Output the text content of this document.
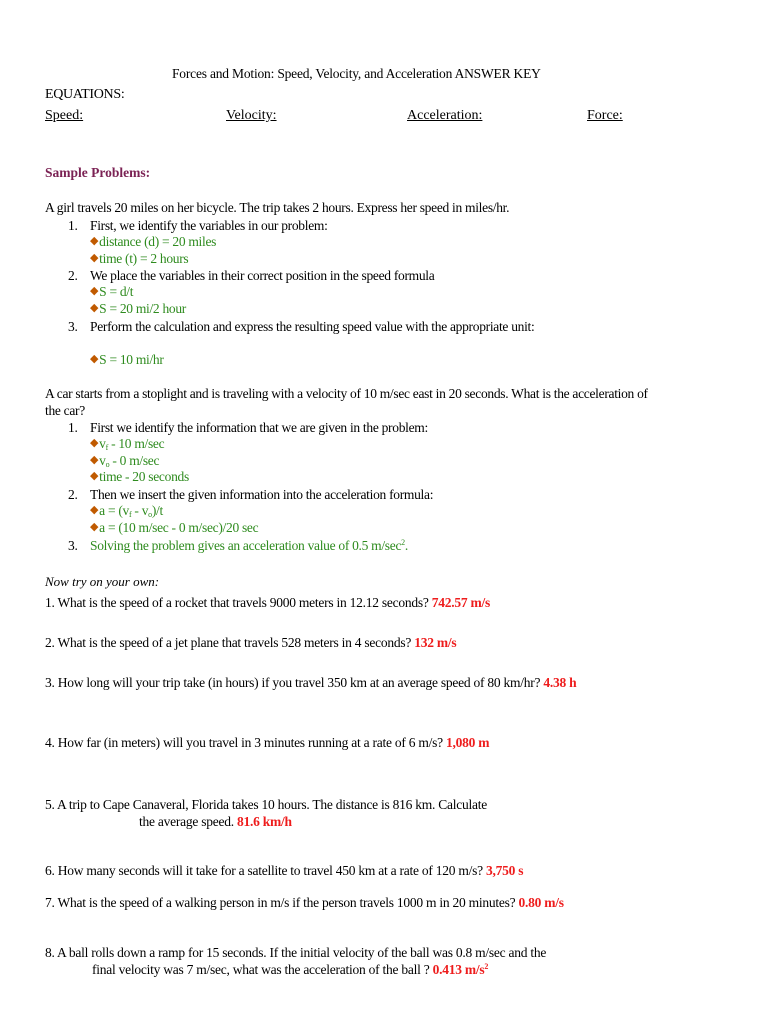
Forces and Motion: Speed, Velocity, and Acceleration ANSWER KEY
EQUATIONS:
Speed:	Velocity:	Acceleration:	Force:
Sample Problems:
A girl travels 20 miles on her bicycle. The trip takes 2 hours. Express her speed in miles/hr.
1. First, we identify the variables in our problem:
◆distance (d) = 20 miles
◆time (t) = 2 hours
2. We place the variables in their correct position in the speed formula
◆S = d/t
◆S = 20 mi/2 hour
3. Perform the calculation and express the resulting speed value with the appropriate unit:
◆S = 10 mi/hr
A car starts from a stoplight and is traveling with a velocity of 10 m/sec east in 20 seconds. What is the acceleration of
the car?
1. First we identify the information that we are given in the problem:
$◆v_f - 10$ m/sec
$◆v_o - 0$ m/sec
◆time - 20 seconds
2. Then we insert the given information into the acceleration formula:
◆a = $(v_f - v_o)/t$
◆a = (10 m/sec - 0 m/sec)/20 sec
3. Solving the problem gives an acceleration value of 0.5 $m/\sec^2$.
Now try on your own:
1. What is the speed of a rocket that travels 9000 meters in 12.12 seconds? 742.57 m/s
2. What is the speed of a jet plane that travels 528 meters in 4 seconds? 132 m/s
3. How long will your trip take (in hours) if you travel 350 km at an average speed of 80 km/hr? 4.38 h
4. How far (in meters) will you travel in 3 minutes running at a rate of 6 m/s? 1,080 m
5. A trip to Cape Canaveral, Florida takes 10 hours. The distance is 816 km. Calculate
the average speed. 81.6 km/h
6. How many seconds will it take for a satellite to travel 450 km at a rate of 120 m/s? 3,750 s
7. What is the speed of a walking person in m/s if the person travels 1000 m in 20 minutes? 0.80 m/s
8. A ball rolls down a ramp for 15 seconds. If the initial velocity of the ball was 0.8 m/sec and the
final velocity was 7 m/sec, what was the acceleration of the ball ? 0.413 $m/s^2$
